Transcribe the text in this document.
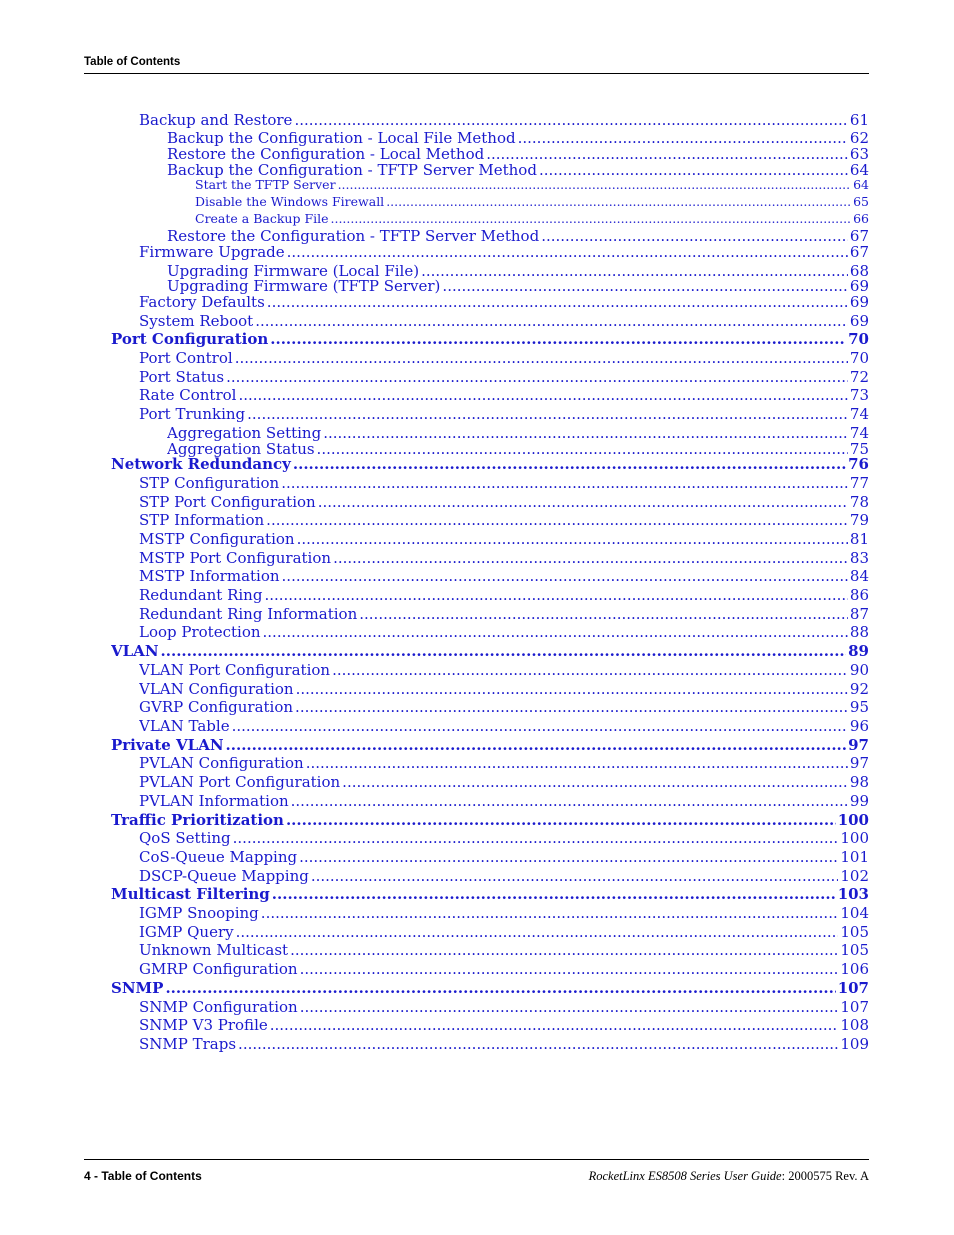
Table of Contents
Backup and Restore .....	61
Backup the Configuration - Local File Method .....	62
Restore the Configuration - Local Method .....	63
Backup the Configuration - TFTP Server Method .....	64
Start the TFTP Server .....	64
Disable the Windows Firewall .....	65
Create a Backup File .....	66
Restore the Configuration - TFTP Server Method .....	67
Firmware Upgrade .....	67
Upgrading Firmware (Local File) .....	68
Upgrading Firmware (TFTP Server) .....	69
Factory Defaults .....	69
System Reboot .....	69
Port Configuration .....	70
Port Control .....	70
Port Status .....	72
Rate Control .....	73
Port Trunking .....	74
Aggregation Setting .....	74
Aggregation Status .....	75
Network Redundancy .....	76
STP Configuration .....	77
STP Port Configuration .....	78
STP Information .....	79
MSTP Configuration .....	81
MSTP Port Configuration .....	83
MSTP Information .....	84
Redundant Ring .....	86
Redundant Ring Information .....	87
Loop Protection .....	88
VLAN .....	89
VLAN Port Configuration .....	90
VLAN Configuration .....	92
GVRP Configuration .....	95
VLAN Table .....	96
Private VLAN .....	97
PVLAN Configuration .....	97
PVLAN Port Configuration .....	98
PVLAN Information .....	99
Traffic Prioritization .....	100
QoS Setting .....	100
CoS-Queue Mapping .....	101
DSCP-Queue Mapping .....	102
Multicast Filtering .....	103
IGMP Snooping .....	104
IGMP Query .....	105
Unknown Multicast .....	105
GMRP Configuration .....	106
SNMP .....	107
SNMP Configuration .....	107
SNMP V3 Profile .....	108
SNMP Traps .....	109
4 - Table of Contents	RocketLinx ES8508 Series User Guide: 2000575 Rev. A
